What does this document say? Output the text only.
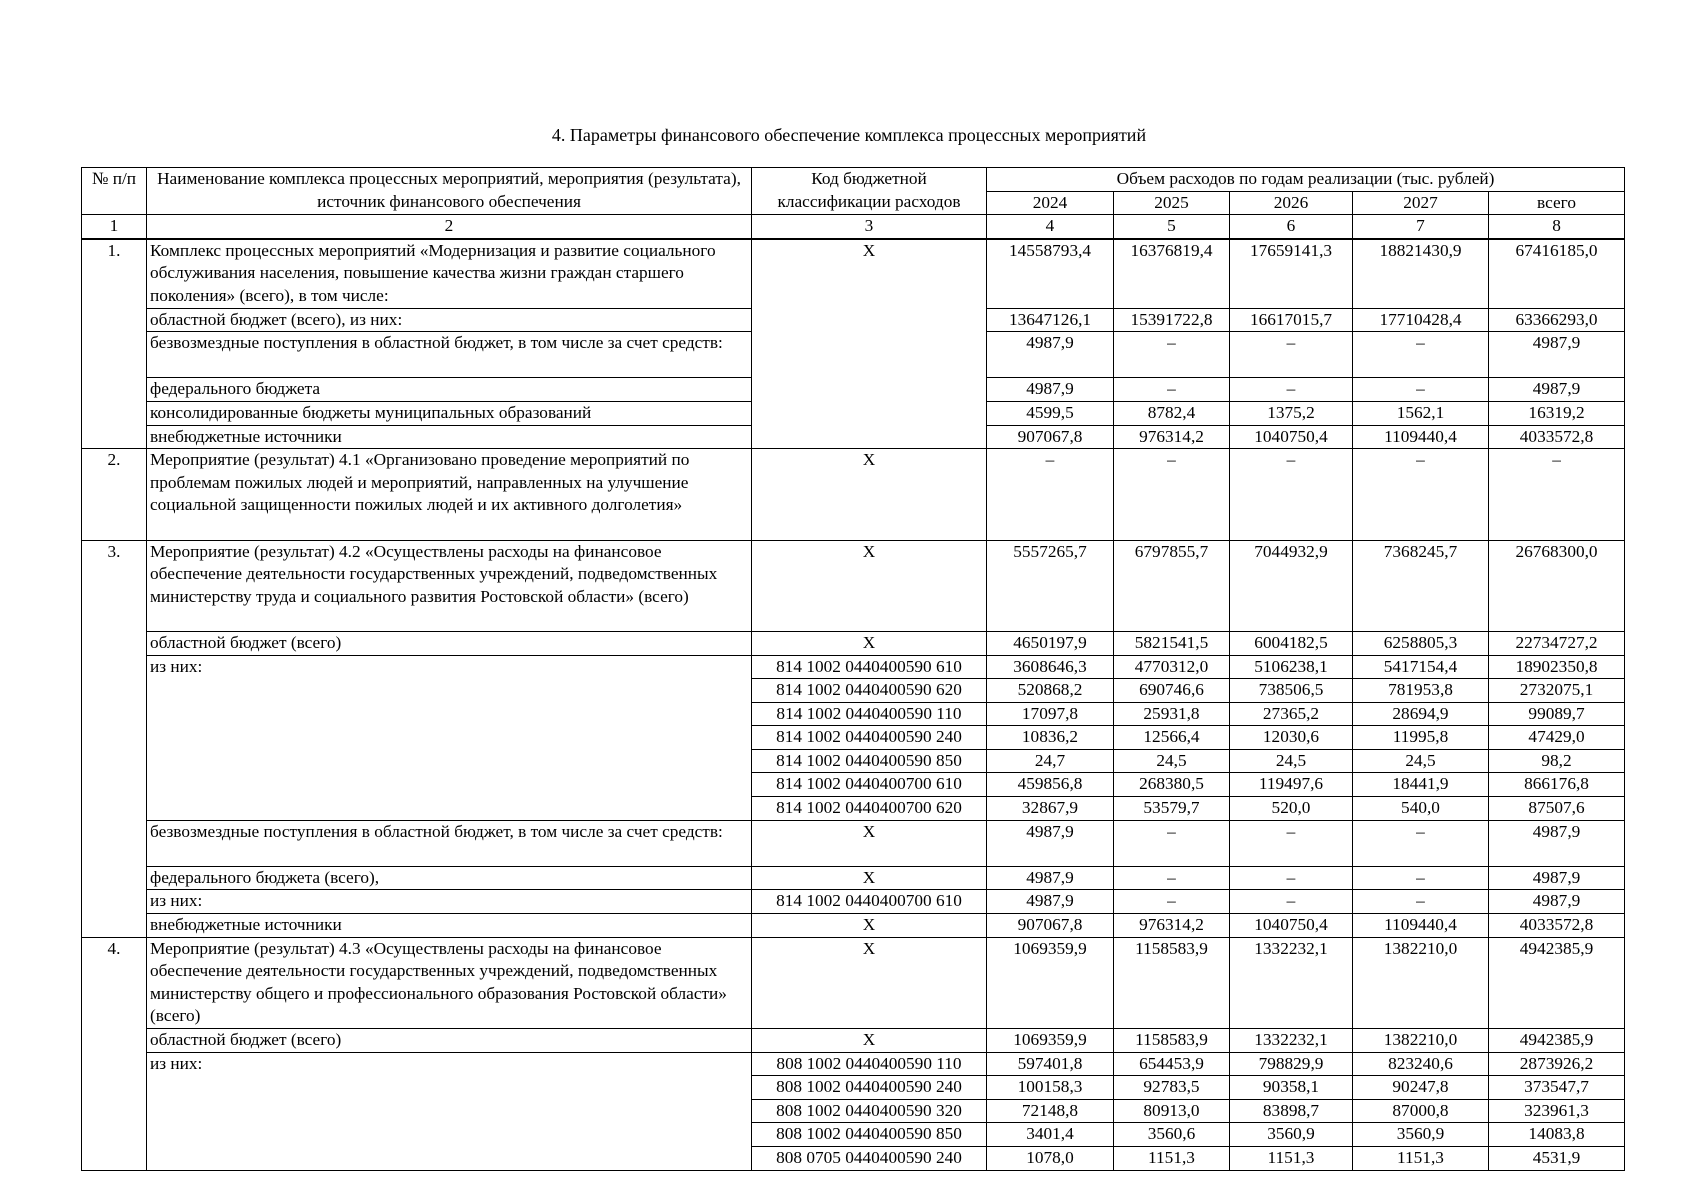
4. Параметры финансового обеспечение комплекса процессных мероприятий
№ п/п	Наименование комплекса процессных мероприятий, мероприятия (результата), источник финансового обеспечения	Код бюджетной классификации расходов	Объем расходов по годам реализации (тыс. рублей)				
			2024	2025	2026	2027	всего
1	2	3	4	5	6	7	8
1.	Комплекс процессных мероприятий «Модернизация и развитие социального обслуживания населения, повышение качества жизни граждан старшего поколения» (всего), в том числе:	Х	14558793,4	16376819,4	17659141,3	18821430,9	67416185,0
	областной бюджет (всего), из них:		13647126,1	15391722,8	16617015,7	17710428,4	63366293,0
	безвозмездные поступления в областной бюджет, в том числе за счет средств:		4987,9	–	–	–	4987,9
	федерального бюджета		4987,9	–	–	–	4987,9
	консолидированные бюджеты муниципальных образований		4599,5	8782,4	1375,2	1562,1	16319,2
	внебюджетные источники		907067,8	976314,2	1040750,4	1109440,4	4033572,8
2.	Мероприятие (результат) 4.1 «Организовано проведение мероприятий по проблемам пожилых людей и мероприятий, направленных на улучшение социальной защищенности пожилых людей и их активного долголетия»	Х	–	–	–	–	–
3.	Мероприятие (результат) 4.2 «Осуществлены расходы на финансовое обеспечение деятельности государственных учреждений, подведомственных министерству труда и социального развития Ростовской области» (всего)	Х	5557265,7	6797855,7	7044932,9	7368245,7	26768300,0
	областной бюджет (всего)	Х	4650197,9	5821541,5	6004182,5	6258805,3	22734727,2
	из них:	814 1002 0440400590 610	3608646,3	4770312,0	5106238,1	5417154,4	18902350,8
		814 1002 0440400590 620	520868,2	690746,6	738506,5	781953,8	2732075,1
		814 1002 0440400590 110	17097,8	25931,8	27365,2	28694,9	99089,7
		814 1002 0440400590 240	10836,2	12566,4	12030,6	11995,8	47429,0
		814 1002 0440400590 850	24,7	24,5	24,5	24,5	98,2
		814 1002 0440400700 610	459856,8	268380,5	119497,6	18441,9	866176,8
		814 1002 0440400700 620	32867,9	53579,7	520,0	540,0	87507,6
	безвозмездные поступления в областной бюджет, в том числе за счет средств:	Х	4987,9	–	–	–	4987,9
	федерального бюджета (всего),	Х	4987,9	–	–	–	4987,9
	из них:	814 1002 0440400700 610	4987,9	–	–	–	4987,9
	внебюджетные источники	Х	907067,8	976314,2	1040750,4	1109440,4	4033572,8
4.	Мероприятие (результат) 4.3 «Осуществлены расходы на финансовое обеспечение деятельности государственных учреждений, подведомственных министерству общего и профессионального образования Ростовской области» (всего)	Х	1069359,9	1158583,9	1332232,1	1382210,0	4942385,9
	областной бюджет (всего)	Х	1069359,9	1158583,9	1332232,1	1382210,0	4942385,9
	из них:	808 1002 0440400590 110	597401,8	654453,9	798829,9	823240,6	2873926,2
		808 1002 0440400590 240	100158,3	92783,5	90358,1	90247,8	373547,7
		808 1002 0440400590 320	72148,8	80913,0	83898,7	87000,8	323961,3
		808 1002 0440400590 850	3401,4	3560,6	3560,9	3560,9	14083,8
		808 0705 0440400590 240	1078,0	1151,3	1151,3	1151,3	4531,9
